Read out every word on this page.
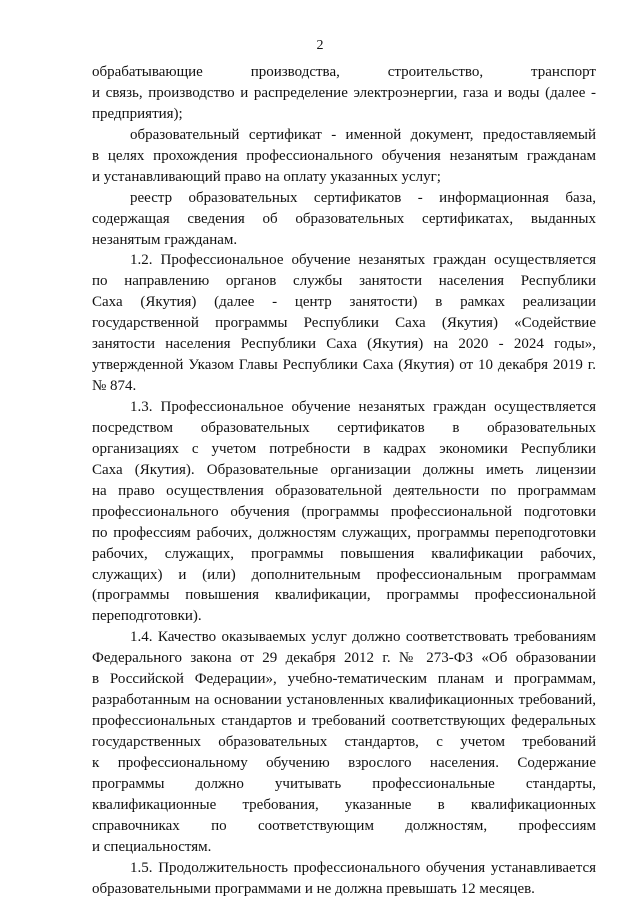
2
обрабатывающие производства, строительство, транспорт
и связь, производство и распределение электроэнергии, газа и воды (далее -
предприятия);
образовательный сертификат - именной документ, предоставляемый
в целях прохождения профессионального обучения незанятым гражданам
и устанавливающий право на оплату указанных услуг;
реестр образовательных сертификатов - информационная база,
содержащая сведения об образовательных сертификатах, выданных
незанятым гражданам.
1.2. Профессиональное обучение незанятых граждан осуществляется
по направлению органов службы занятости населения Республики
Саха (Якутия) (далее - центр занятости) в рамках реализации
государственной программы Республики Саха (Якутия) «Содействие
занятости населения Республики Саха (Якутия) на 2020 - 2024 годы»,
утвержденной Указом Главы Республики Саха (Якутия) от 10 декабря 2019 г.
№ 874.
1.3. Профессиональное обучение незанятых граждан осуществляется
посредством образовательных сертификатов в образовательных
организациях с учетом потребности в кадрах экономики Республики
Саха (Якутия). Образовательные организации должны иметь лицензии
на право осуществления образовательной деятельности по программам
профессионального обучения (программы профессиональной подготовки
по профессиям рабочих, должностям служащих, программы переподготовки
рабочих, служащих, программы повышения квалификации рабочих,
служащих) и (или) дополнительным профессиональным программам
(программы повышения квалификации, программы профессиональной
переподготовки).
1.4. Качество оказываемых услуг должно соответствовать требованиям
Федерального закона от 29 декабря 2012 г. № 273-ФЗ «Об образовании
в Российской Федерации», учебно-тематическим планам и программам,
разработанным на основании установленных квалификационных требований,
профессиональных стандартов и требований соответствующих федеральных
государственных образовательных стандартов, с учетом требований
к профессиональному обучению взрослого населения. Содержание
программы должно учитывать профессиональные стандарты,
квалификационные требования, указанные в квалификационных
справочниках по соответствующим должностям, профессиям
и специальностям.
1.5. Продолжительность профессионального обучения устанавливается
образовательными программами и не должна превышать 12 месяцев.
